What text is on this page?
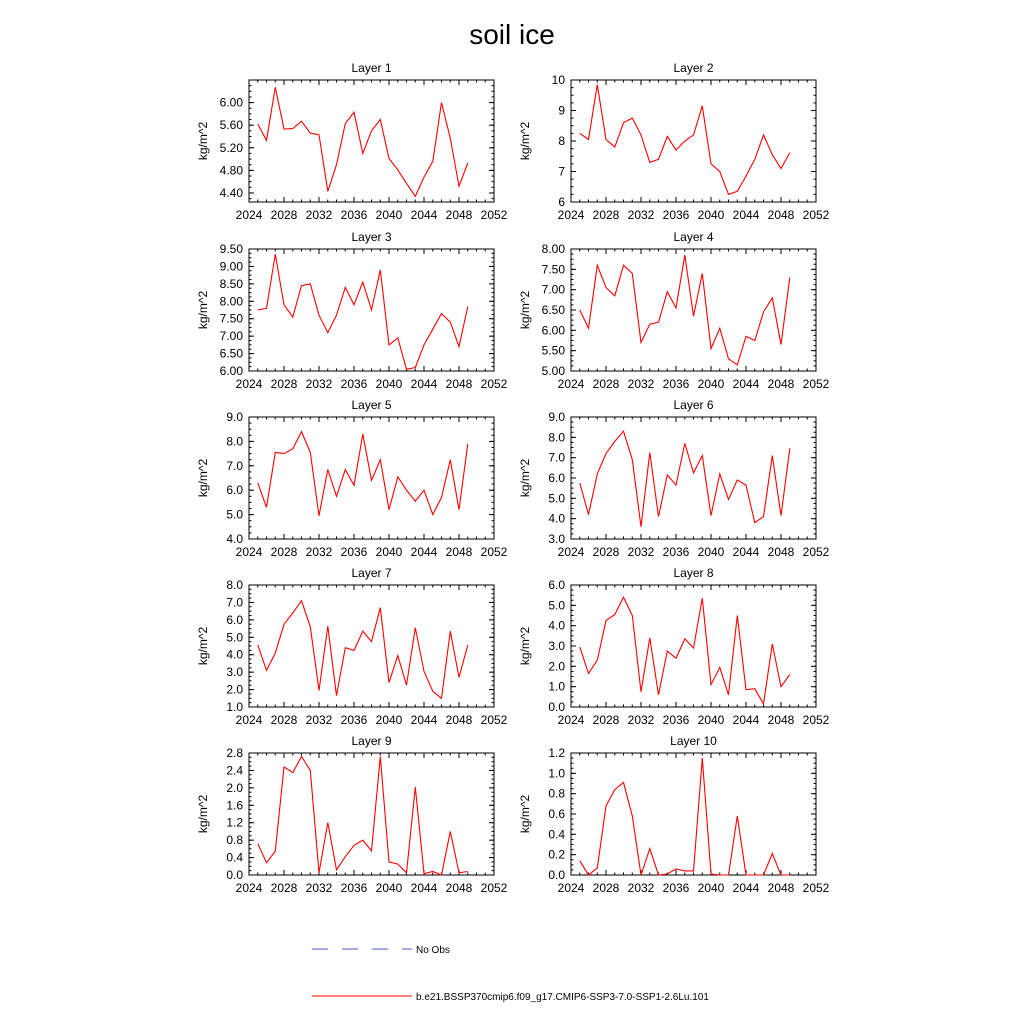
soil ice
Layer 1
kg/m^2
2024 2028 2032 2036 2040 2044 2048 2052
4.40
4.80
5.20
5.60
6.00
Layer 2
kg/m^2
2024 2028 2032 2036 2040 2044 2048 2052
6
7
8
9
10
Layer 3
kg/m^2
2024 2028 2032 2036 2040 2044 2048 2052
6.00
6.50
7.00
7.50
8.00
8.50
9.00
9.50
Layer 4
kg/m^2
2024 2028 2032 2036 2040 2044 2048 2052
5.00
5.50
6.00
6.50
7.00
7.50
8.00
Layer 5
kg/m^2
2024 2028 2032 2036 2040 2044 2048 2052
4.0
5.0
6.0
7.0
8.0
9.0
Layer 6
kg/m^2
2024 2028 2032 2036 2040 2044 2048 2052
3.0
4.0
5.0
6.0
7.0
8.0
9.0
Layer 7
kg/m^2
2024 2028 2032 2036 2040 2044 2048 2052
1.0
2.0
3.0
4.0
5.0
6.0
7.0
8.0
Layer 8
kg/m^2
2024 2028 2032 2036 2040 2044 2048 2052
0.0
1.0
2.0
3.0
4.0
5.0
6.0
Layer 9
kg/m^2
2024 2028 2032 2036 2040 2044 2048 2052
0.0
0.4
0.8
1.2
1.6
2.0
2.4
2.8
Layer 10
kg/m^2
2024 2028 2032 2036 2040 2044 2048 2052
0.0
0.2
0.4
0.6
0.8
1.0
1.2
No Obs
b.e21.BSSP370cmip6.f09_g17.CMIP6-SSP3-7.0-SSP1-2.6Lu.101
